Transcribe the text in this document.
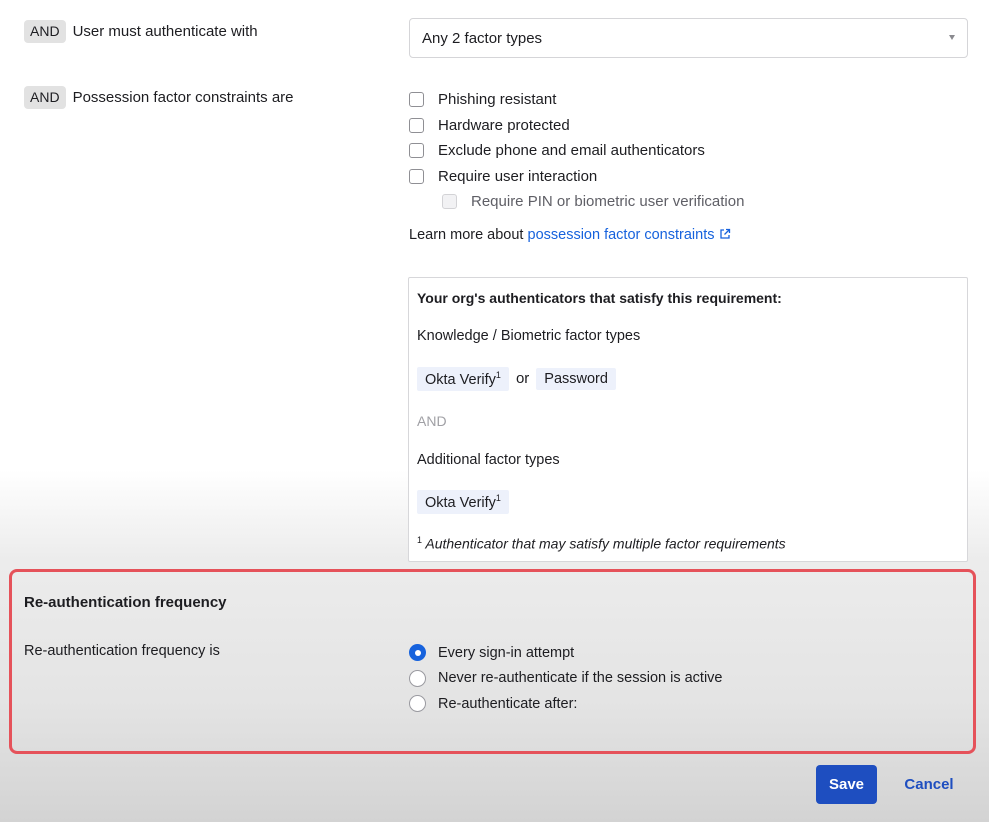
AND User must authenticate with	Any 2 factor types
AND Possession factor constraints are	Phishing resistant
Hardware protected
Exclude phone and email authenticators
Require user interaction
Require PIN or biometric user verification
Learn more about possession factor constraints
Your org's authenticators that satisfy this requirement:
Knowledge / Biometric factor types
Okta Verify$^1$	or	Password
AND
Additional factor types
Okta Verify$^1$
$^1$ Authenticator that may satisfy multiple factor requirements
Re-authentication frequency
Re-authentication frequency is	Every sign-in attempt
Never re-authenticate if the session is active
Re-authenticate after:
Save	Cancel
